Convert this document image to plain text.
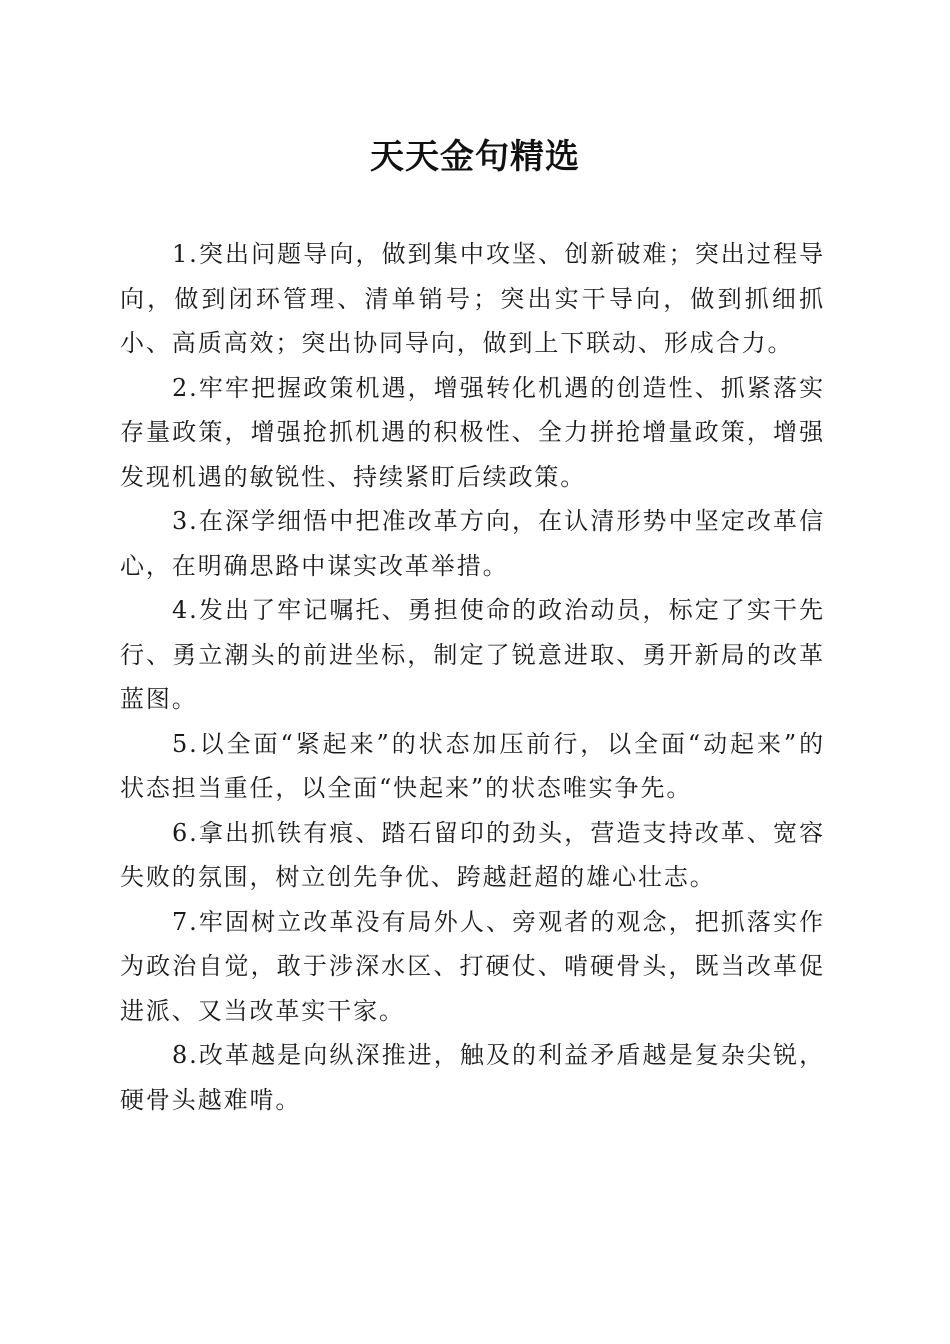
天天金句精选

1.突出问题导向，做到集中攻坚、创新破难；突出过程导向，做到闭环管理、清单销号；突出实干导向，做到抓细抓小、高质高效；突出协同导向，做到上下联动、形成合力。

2.牢牢把握政策机遇，增强转化机遇的创造性、抓紧落实存量政策，增强抢抓机遇的积极性、全力拼抢增量政策，增强发现机遇的敏锐性、持续紧盯后续政策。

3.在深学细悟中把准改革方向，在认清形势中坚定改革信心，在明确思路中谋实改革举措。

4.发出了牢记嘱托、勇担使命的政治动员，标定了实干先行、勇立潮头的前进坐标，制定了锐意进取、勇开新局的改革蓝图。

5.以全面“紧起来”的状态加压前行，以全面“动起来”的状态担当重任，以全面“快起来”的状态唯实争先。

6.拿出抓铁有痕、踏石留印的劲头，营造支持改革、宽容失败的氛围，树立创先争优、跨越赶超的雄心壮志。

7.牢固树立改革没有局外人、旁观者的观念，把抓落实作为政治自觉，敢于涉深水区、打硬仗、啃硬骨头，既当改革促进派、又当改革实干家。

8.改革越是向纵深推进，触及的利益矛盾越是复杂尖锐，硬骨头越难啃。
